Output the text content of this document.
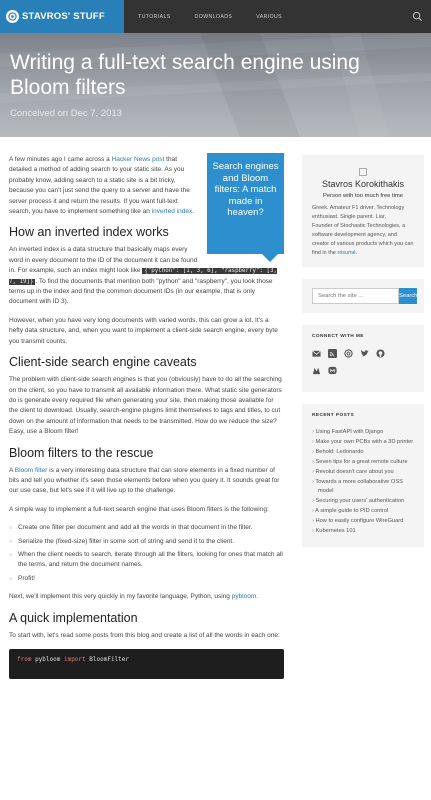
STAVROS' STUFF	TUTORIALS	DOWNLOADS	VARIOUS
Writing a full-text search engine using Bloom filters
Conceived on Dec 7, 2013
Search engines and Bloom filters: A match made in heaven?

A few minutes ago I came across a Hacker News post that detailed a method of adding search to your static site. As you probably know, adding search to a static site is a bit tricky, because you can't just send the query to a server and have the server process it and return the results. If you want full-text search, you have to implement something like an inverted index.

How an inverted index works

An inverted index is a data structure that basically maps every word in every document to the ID of the document it can be found in. For example, such an index might look like {"python": [1, 3, 6], "raspberry": [3, 7, 19]} . To find the documents that mention both "python" and "raspberry", you look those terms up in the index and find the common document IDs (in our example, that is only document with ID 3).

However, when you have very long documents with varied words, this can grow a lot. It's a hefty data structure, and, when you want to implement a client-side search engine, every byte you transmit counts.

Client-side search engine caveats

The problem with client-side search engines is that you (obviously) have to do all the searching on the client, so you have to transmit all available information there. What static site generators do is generate every required file when generating your site, then making those available for the client to download. Usually, search-engine plugins limit themselves to tags and titles, to cut down on the amount of information that needs to be transmitted. How do we reduce the size? Easy, use a Bloom filter!

Bloom filters to the rescue

A Bloom filter is a very interesting data structure that can store elements in a fixed number of bits and tell you whether it's seen those elements before when you query it. It sounds great for our use case, but let's see if it will live up to the challenge.

A simple way to implement a full-text search engine that uses Bloom filters is the following:

○ Create one filter per document and add all the words in that document in the filter.
○ Serialize the (fixed-size) filter in some sort of string and send it to the client.
○ When the client needs to search, iterate through all the filters, looking for ones that match all the terms, and return the document names.
○ Profit!

Next, we'll implement this very quickly in my favorite language, Python, using pybloom.

A quick implementation

To start with, let's read some posts from this blog and create a list of all the words in each one:

from pybloom import BloomFilter
Stavros Korokithakis
Person with too much free time
Greek. Amateur F1 driver. Technology enthusiast. Single parent. Liar.
Founder of Stochastic Technologies, a software development agency, and creator of various products which you can find in the résumé.
Search the site ...
Search
CONNECT WITH ME
RECENT POSTS
› Using FastAPI with Django
› Make your own PCBs with a 3D printer
› Behold: Ledonardo
› Seven tips for a great remote culture
› Revolut doesn't care about you
› Towards a more collaborative OSS model
› Securing your users' authentication
› A simple guide to PID control
› How to easily configure WireGuard
› Kubernetes 101
